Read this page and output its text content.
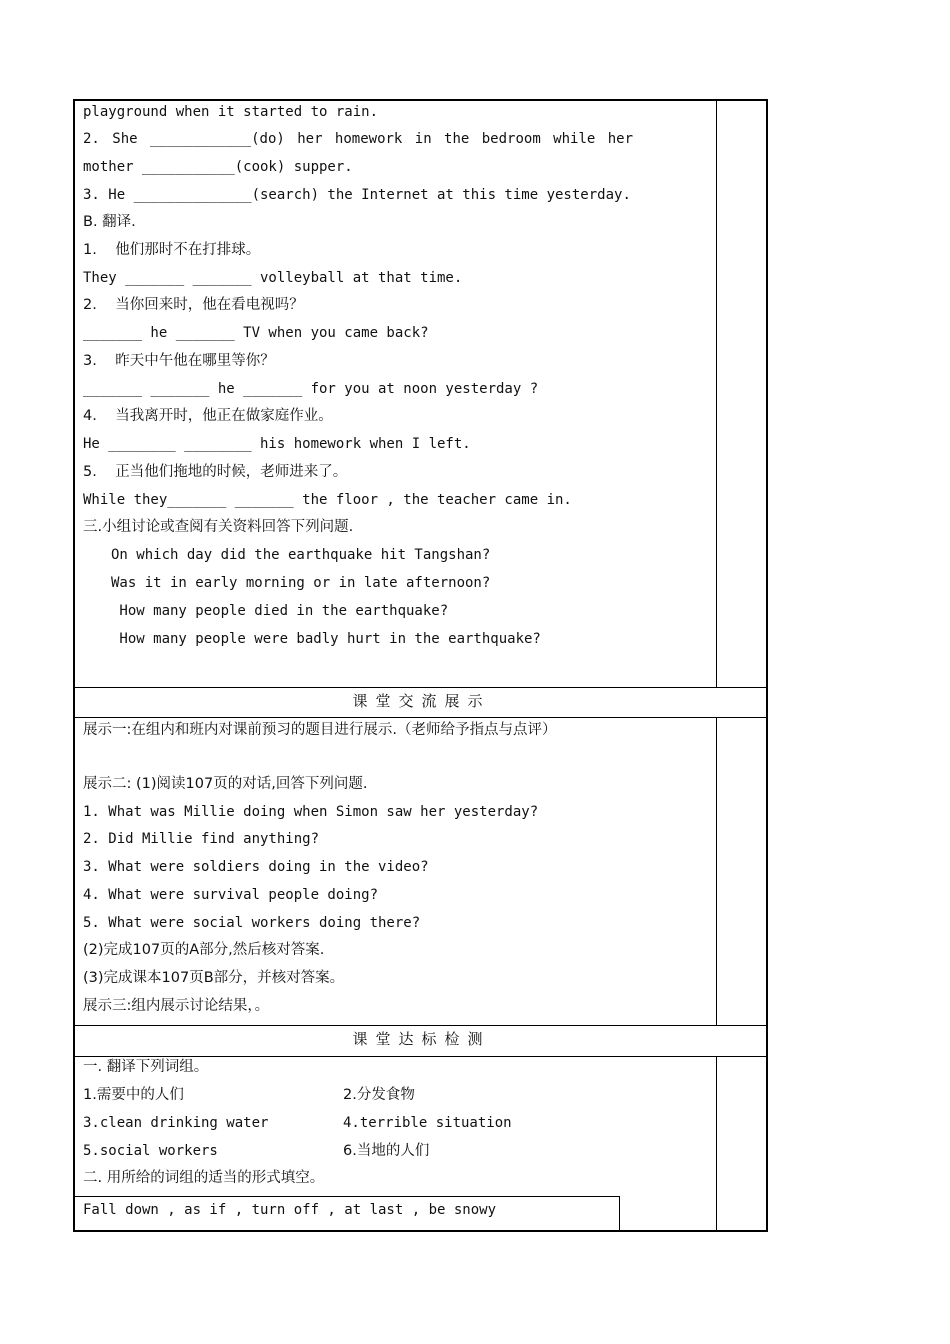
playground when it started to rain.
2. She ____________(do) her homework in the bedroom while her
mother ___________(cook) supper.
3. He ______________(search) the Internet at this time yesterday.
B. 翻译.
1.    他们那时不在打排球。
They _______ _______ volleyball at that time.
2.    当你回来时，他在看电视吗？
_______ he _______ TV when you came back?
3.    昨天中午他在哪里等你？
_______ _______ he _______ for you at noon yesterday ?
4.    当我离开时，他正在做家庭作业。
He ________ ________ his homework when I left.
5.    正当他们拖地的时候，老师进来了。
While they_______ _______ the floor , the teacher came in.
三.小组讨论或查阅有关资料回答下列问题.
On which day did the earthquake hit Tangshan?
Was it in early morning or in late afternoon?
How many people died in the earthquake?
How many people were badly hurt in the earthquake?
课堂交流展示
展示一:在组内和班内对课前预习的题目进行展示.（老师给予指点与点评）
展示二: (1)阅读107页的对话,回答下列问题.
1. What was Millie doing when Simon saw her yesterday?
2. Did Millie find anything?
3. What were soldiers doing in the video?
4. What were survival people doing?
5. What were social workers doing there?
(2)完成107页的A部分,然后核对答案.
(3)完成课本107页B部分，并核对答案。
展示三:组内展示讨论结果，。
课堂达标检测
一. 翻译下列词组。
1.需要中的人们	2.分发食物
3.clean drinking water	4.terrible situation
5.social workers	6.当地的人们
二. 用所给的词组的适当的形式填空。
Fall down , as if , turn off , at last , be snowy
